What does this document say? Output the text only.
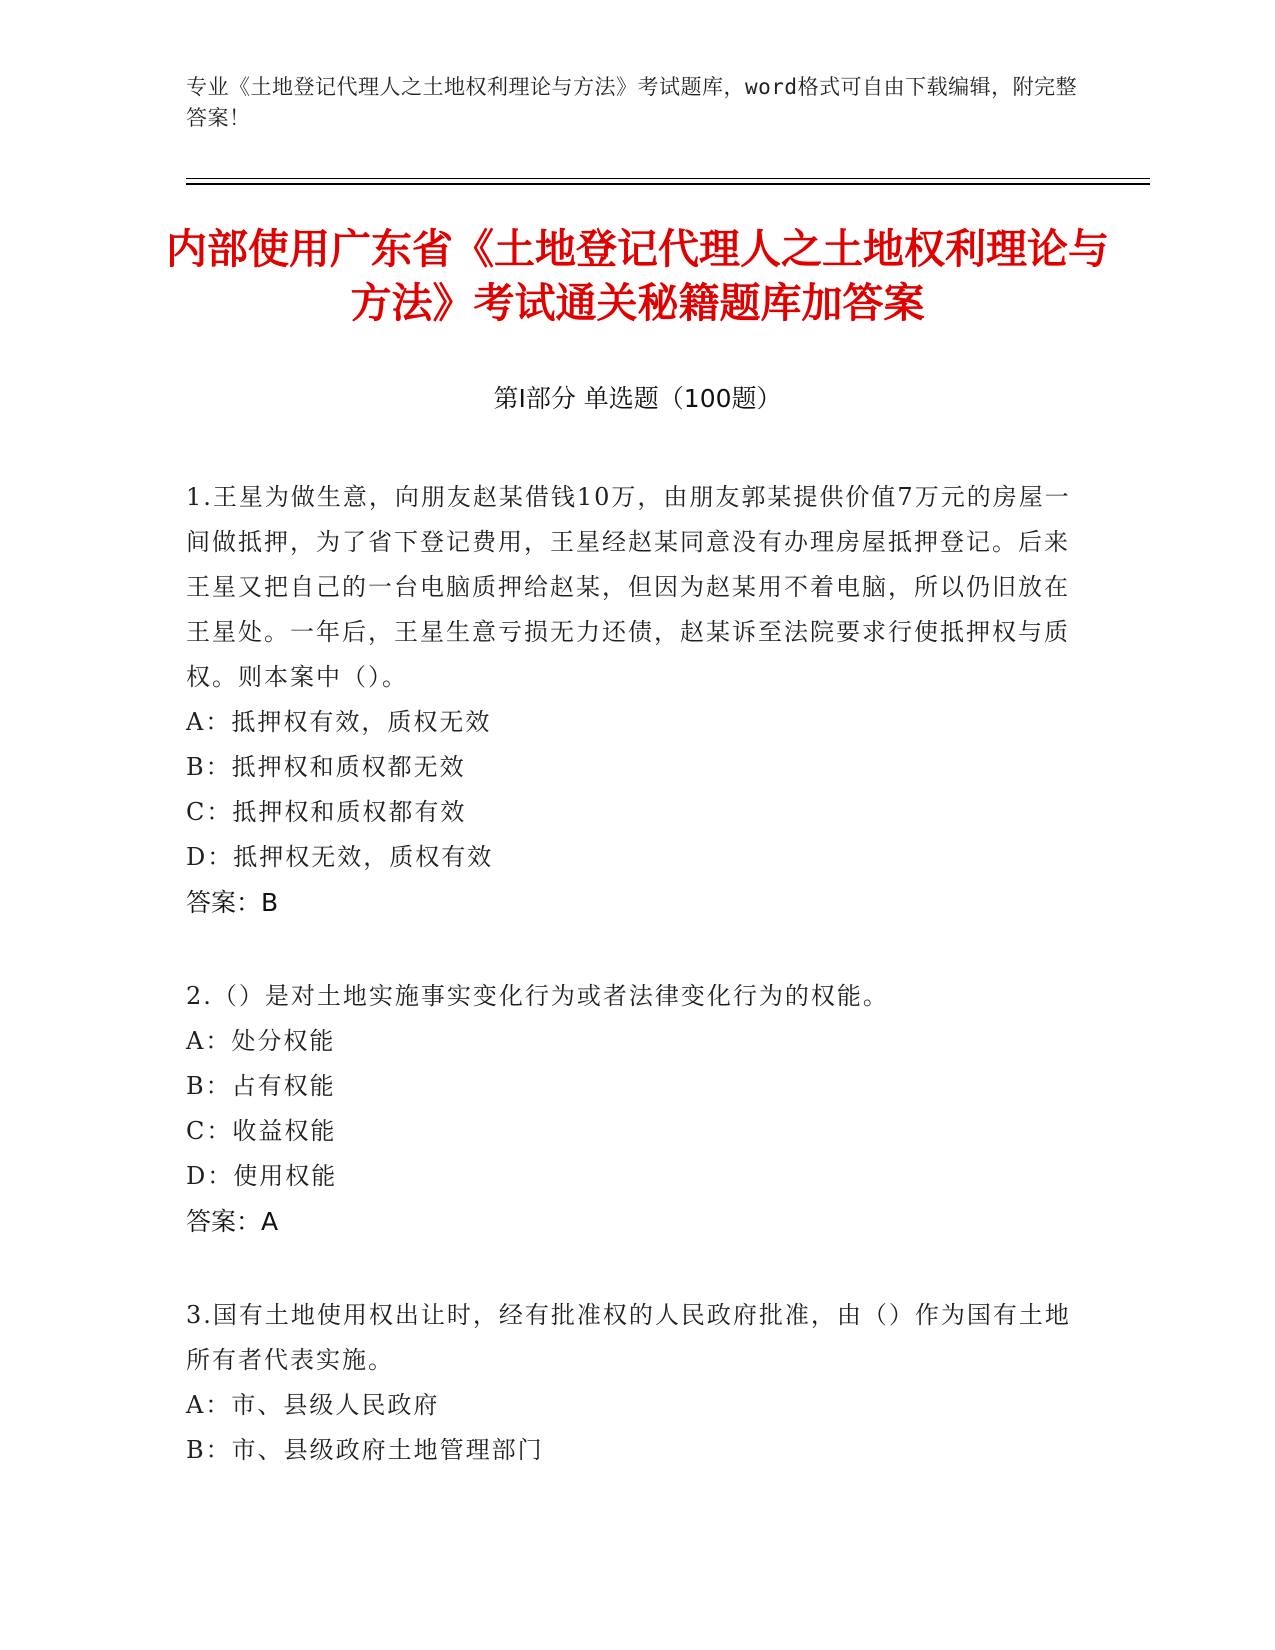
专业《土地登记代理人之土地权利理论与方法》考试题库，word格式可自由下载编辑，附完整答案！
内部使用广东省《土地登记代理人之土地权利理论与方法》考试通关秘籍题库加答案
第Ⅰ部分 单选题（100题）
1.王星为做生意，向朋友赵某借钱10万，由朋友郭某提供价值7万元的房屋一间做抵押，为了省下登记费用，王星经赵某同意没有办理房屋抵押登记。后来王星又把自己的一台电脑质押给赵某，但因为赵某用不着电脑，所以仍旧放在王星处。一年后，王星生意亏损无力还债，赵某诉至法院要求行使抵押权与质权。则本案中（）。
A：抵押权有效，质权无效
B：抵押权和质权都无效
C：抵押权和质权都有效
D：抵押权无效，质权有效
答案：B
2.（）是对土地实施事实变化行为或者法律变化行为的权能。
A：处分权能
B：占有权能
C：收益权能
D：使用权能
答案：A
3.国有土地使用权出让时，经有批准权的人民政府批准，由（）作为国有土地所有者代表实施。
A：市、县级人民政府
B：市、县级政府土地管理部门
